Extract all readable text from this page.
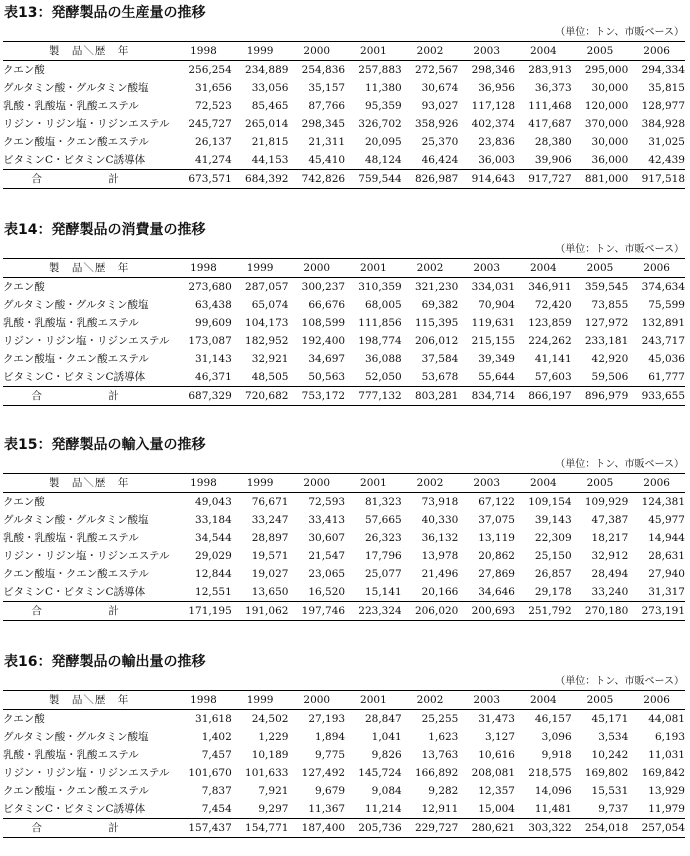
表13：発酵製品の生産量の推移
（単位：トン、市販ベース）
製　品＼歴　年	1998	1999	2000	2001	2002	2003	2004	2005	2006
クエン酸	256,254	234,889	254,836	257,883	272,567	298,346	283,913	295,000	294,334
グルタミン酸・グルタミン酸塩	31,656	33,056	35,157	11,380	30,674	36,956	36,373	30,000	35,815
乳酸・乳酸塩・乳酸エステル	72,523	85,465	87,766	95,359	93,027	117,128	111,468	120,000	128,977
リジン・リジン塩・リジンエステル	245,727	265,014	298,345	326,702	358,926	402,374	417,687	370,000	384,928
クエン酸塩・クエン酸エステル	26,137	21,815	21,311	20,095	25,370	23,836	28,380	30,000	31,025
ビタミンC・ビタミンC誘導体	41,274	44,153	45,410	48,124	46,424	36,003	39,906	36,000	42,439
合　計	673,571	684,392	742,826	759,544	826,987	914,643	917,727	881,000	917,518
表14：発酵製品の消費量の推移
（単位：トン、市販ベース）
製　品＼歴　年	1998	1999	2000	2001	2002	2003	2004	2005	2006
クエン酸	273,680	287,057	300,237	310,359	321,230	334,031	346,911	359,545	374,634
グルタミン酸・グルタミン酸塩	63,438	65,074	66,676	68,005	69,382	70,904	72,420	73,855	75,599
乳酸・乳酸塩・乳酸エステル	99,609	104,173	108,599	111,856	115,395	119,631	123,859	127,972	132,891
リジン・リジン塩・リジンエステル	173,087	182,952	192,400	198,774	206,012	215,155	224,262	233,181	243,717
クエン酸塩・クエン酸エステル	31,143	32,921	34,697	36,088	37,584	39,349	41,141	42,920	45,036
ビタミンC・ビタミンC誘導体	46,371	48,505	50,563	52,050	53,678	55,644	57,603	59,506	61,777
合　計	687,329	720,682	753,172	777,132	803,281	834,714	866,197	896,979	933,655
表15：発酵製品の輸入量の推移
（単位：トン、市販ベース）
製　品＼歴　年	1998	1999	2000	2001	2002	2003	2004	2005	2006
クエン酸	49,043	76,671	72,593	81,323	73,918	67,122	109,154	109,929	124,381
グルタミン酸・グルタミン酸塩	33,184	33,247	33,413	57,665	40,330	37,075	39,143	47,387	45,977
乳酸・乳酸塩・乳酸エステル	34,544	28,897	30,607	26,323	36,132	13,119	22,309	18,217	14,944
リジン・リジン塩・リジンエステル	29,029	19,571	21,547	17,796	13,978	20,862	25,150	32,912	28,631
クエン酸塩・クエン酸エステル	12,844	19,027	23,065	25,077	21,496	27,869	26,857	28,494	27,940
ビタミンC・ビタミンC誘導体	12,551	13,650	16,520	15,141	20,166	34,646	29,178	33,240	31,317
合　計	171,195	191,062	197,746	223,324	206,020	200,693	251,792	270,180	273,191
表16：発酵製品の輸出量の推移
（単位：トン、市販ベース）
製　品＼歴　年	1998	1999	2000	2001	2002	2003	2004	2005	2006
クエン酸	31,618	24,502	27,193	28,847	25,255	31,473	46,157	45,171	44,081
グルタミン酸・グルタミン酸塩	1,402	1,229	1,894	1,041	1,623	3,127	3,096	3,534	6,193
乳酸・乳酸塩・乳酸エステル	7,457	10,189	9,775	9,826	13,763	10,616	9,918	10,242	11,031
リジン・リジン塩・リジンエステル	101,670	101,633	127,492	145,724	166,892	208,081	218,575	169,802	169,842
クエン酸塩・クエン酸エステル	7,837	7,921	9,679	9,084	9,282	12,357	14,096	15,531	13,929
ビタミンC・ビタミンC誘導体	7,454	9,297	11,367	11,214	12,911	15,004	11,481	9,737	11,979
合　計	157,437	154,771	187,400	205,736	229,727	280,621	303,322	254,018	257,054
